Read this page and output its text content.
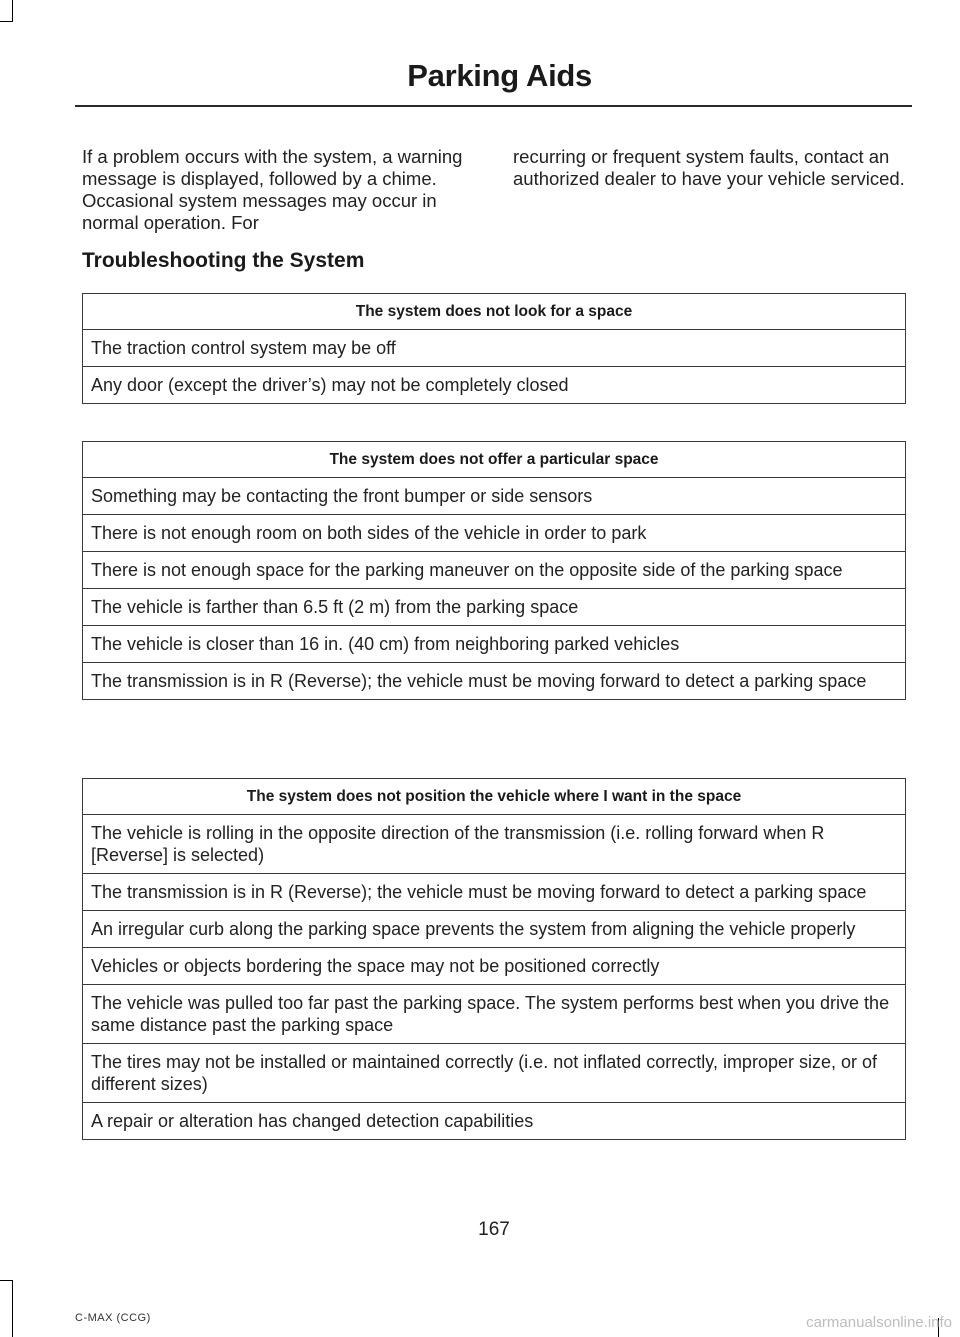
Parking Aids
If a problem occurs with the system, a warning message is displayed, followed by a chime. Occasional system messages may occur in normal operation. For
recurring or frequent system faults, contact an authorized dealer to have your vehicle serviced.
Troubleshooting the System
The system does not look for a space
The traction control system may be off
Any door (except the driver’s) may not be completely closed
The system does not offer a particular space
Something may be contacting the front bumper or side sensors
There is not enough room on both sides of the vehicle in order to park
There is not enough space for the parking maneuver on the opposite side of the parking space
The vehicle is farther than 6.5 ft (2 m) from the parking space
The vehicle is closer than 16 in. (40 cm) from neighboring parked vehicles
The transmission is in R (Reverse); the vehicle must be moving forward to detect a parking space
The system does not position the vehicle where I want in the space
The vehicle is rolling in the opposite direction of the transmission (i.e. rolling forward when R [Reverse] is selected)
The transmission is in R (Reverse); the vehicle must be moving forward to detect a parking space
An irregular curb along the parking space prevents the system from aligning the vehicle properly
Vehicles or objects bordering the space may not be positioned correctly
The vehicle was pulled too far past the parking space. The system performs best when you drive the same distance past the parking space
The tires may not be installed or maintained correctly (i.e. not inflated correctly, improper size, or of different sizes)
A repair or alteration has changed detection capabilities
167
C-MAX (CCG)	carmanualsonline.info
